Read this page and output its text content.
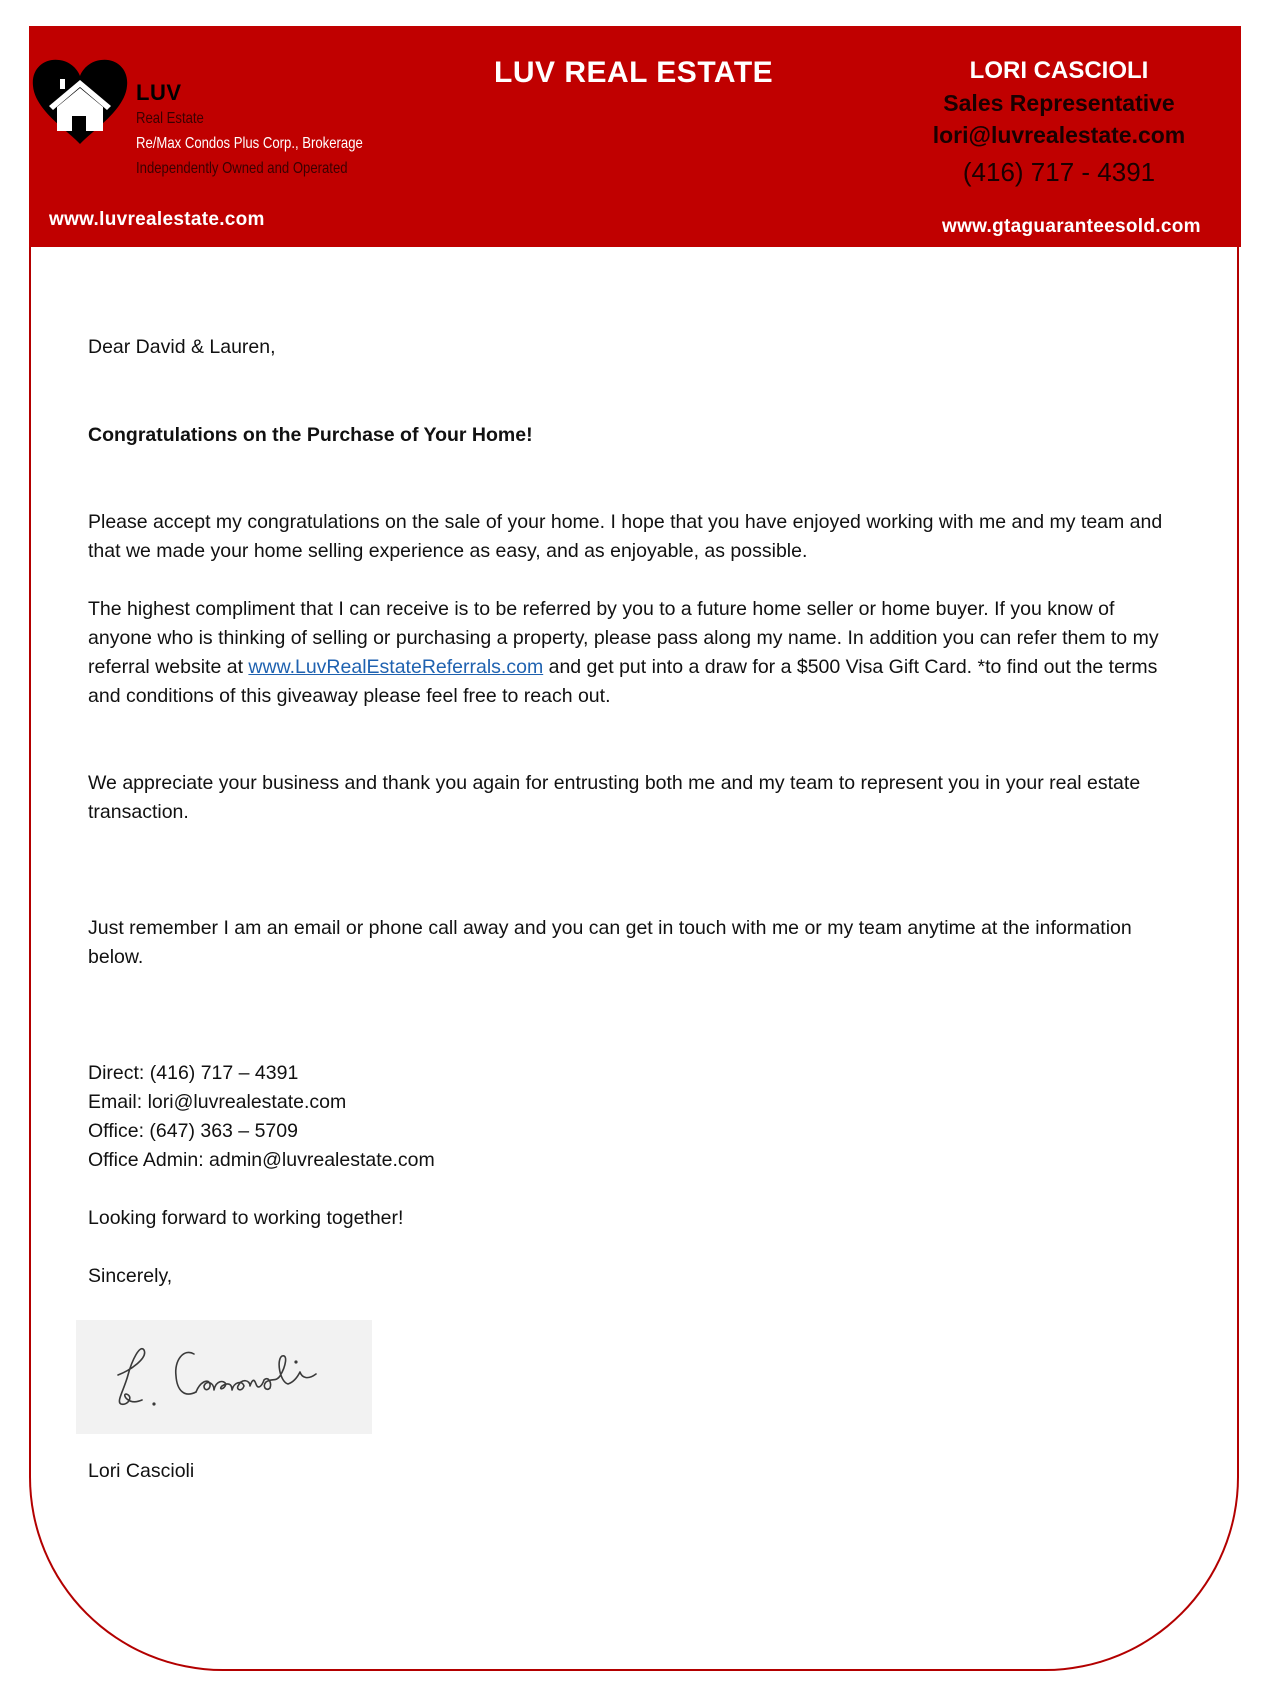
LUV
Real Estate
Re/Max Condos Plus Corp., Brokerage
Independently Owned and Operated
www.luvrealestate.com
LUV REAL ESTATE	LORI CASCIOLI
Sales Representative
lori@luvrealestate.com
(416) 717 - 4391
www.gtaguaranteesold.com

Dear David & Lauren,

Congratulations on the Purchase of Your Home!

Please accept my congratulations on the sale of your home. I hope that you have enjoyed working with me and my team and that we made your home selling experience as easy, and as enjoyable, as possible.

The highest compliment that I can receive is to be referred by you to a future home seller or home buyer. If you know of anyone who is thinking of selling or purchasing a property, please pass along my name. In addition you can refer them to my referral website at www.LuvRealEstateReferrals.com and get put into a draw for a $500 Visa Gift Card. *to find out the terms and conditions of this giveaway please feel free to reach out.

We appreciate your business and thank you again for entrusting both me and my team to represent you in your real estate transaction.

Just remember I am an email or phone call away and you can get in touch with me or my team anytime at the information below.

Direct: (416) 717 – 4391

Email: lori@luvrealestate.com

Office: (647) 363 – 5709

Office Admin: admin@luvrealestate.com

Looking forward to working together!

Sincerely,

Lori Cascioli
